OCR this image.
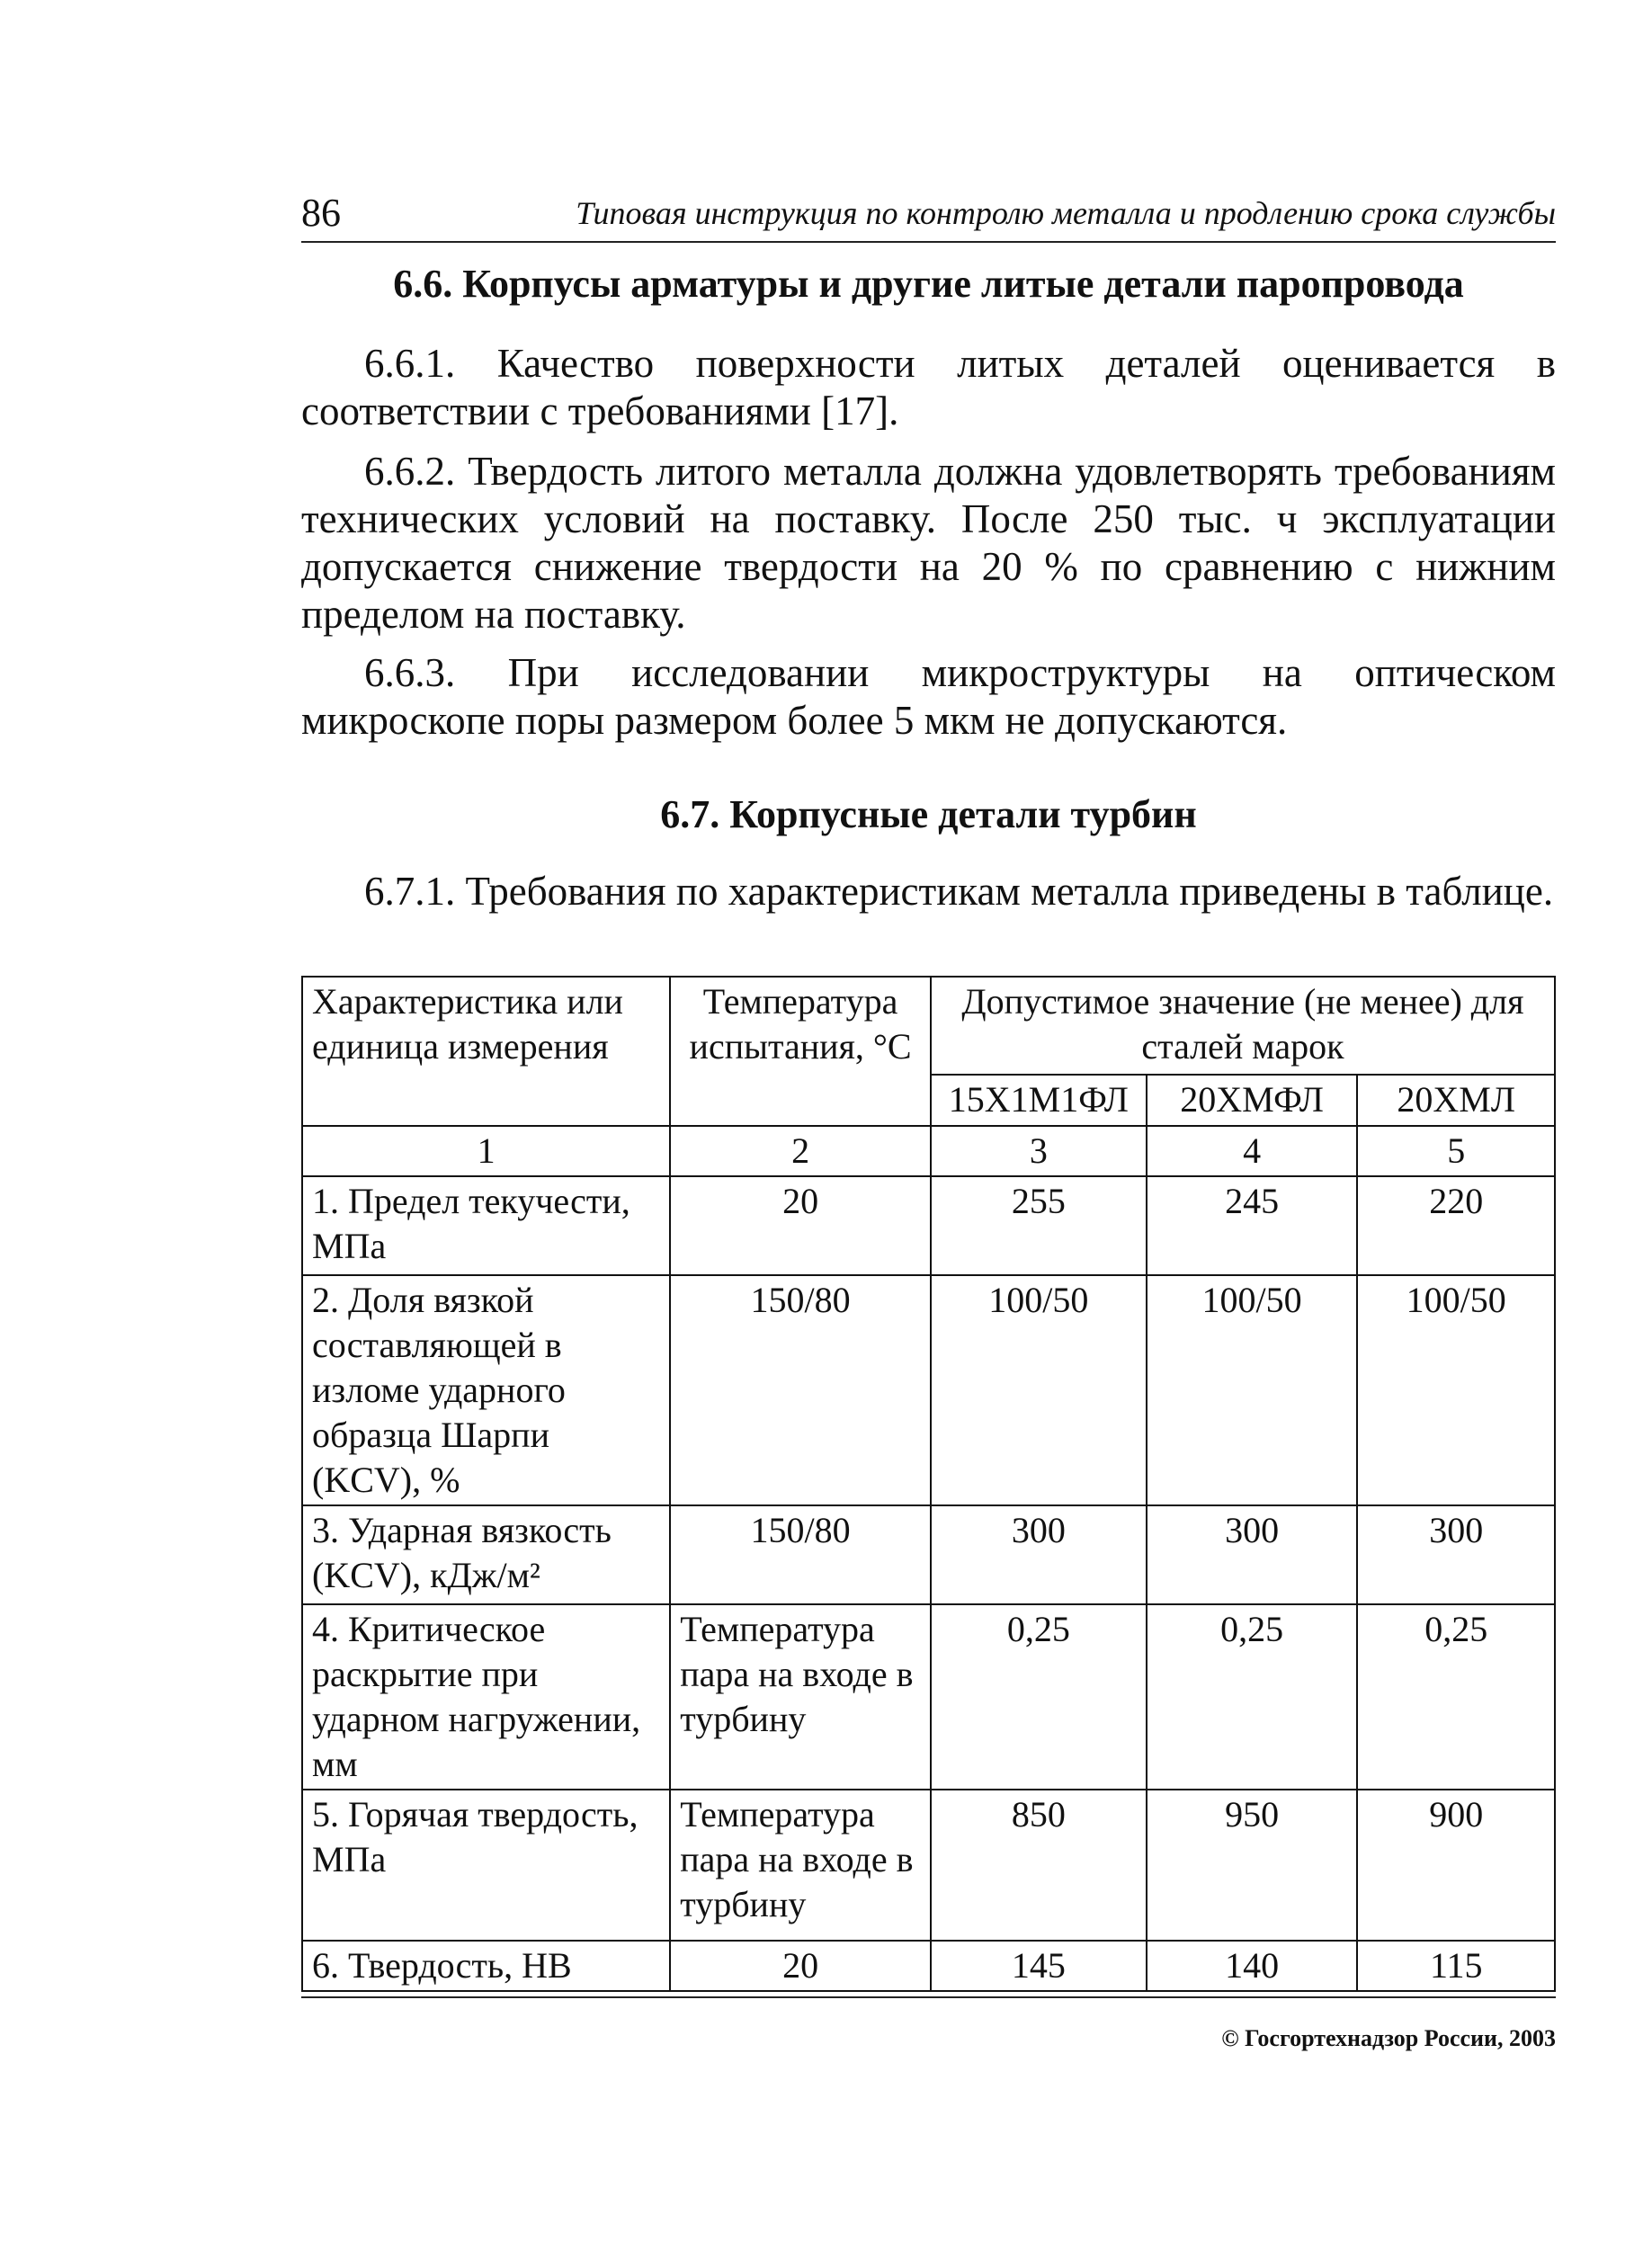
86	Типовая инструкция по контролю металла и продлению срока службы
6.6. Корпусы арматуры и другие литые детали паропровода

6.6.1. Качество поверхности литых деталей оценивается в соответствии с требованиями [17].

6.6.2. Твердость литого металла должна удовлетворять требованиям технических условий на поставку. После 250 тыс. ч эксплуатации допускается снижение твердости на 20 % по сравнению с нижним пределом на поставку.

6.6.3. При исследовании микроструктуры на оптическом микроскопе поры размером более 5 мкм не допускаются.

6.7. Корпусные детали турбин

6.7.1. Требования по характеристикам металла приведены в таблице.

Характеристика или единица измерения	Температура испытания, °С	Допустимое значение (не менее) для сталей марок		
		15Х1М1ФЛ	20ХМФЛ	20ХМЛ
1	2	3	4	5
1. Предел текучести, МПа	20	255	245	220
2. Доля вязкой составляющей в изломе ударного образца Шарпи (KCV), %	150/80	100/50	100/50	100/50
3. Ударная вязкость (KCV), кДж/м²	150/80	300	300	300
4. Критическое раскрытие при ударном нагружении, мм	Температура пара на входе в турбину	0,25	0,25	0,25
5. Горячая твердость, МПа	Температура пара на входе в турбину	850	950	900
6. Твердость, НВ	20	145	140	115
© Госгортехнадзор России, 2003
